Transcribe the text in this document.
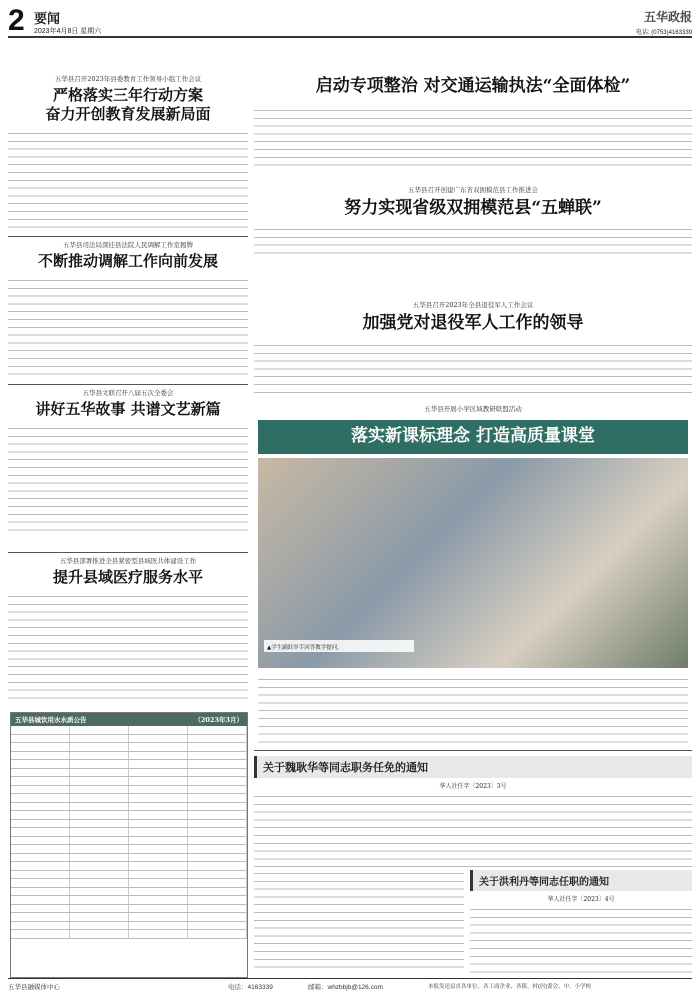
2 要闻
2023年4月8日 星期六
五华政报
电话: (0753)4163339
五华县召开2023年县委教育工作领导小组工作会议
严格落实三年行动方案
奋力开创教育发展新局面
启动专项整治 对交通运输执法“全面体检”
五华县召开创建广东省双拥模范县工作推进会
努力实现省级双拥模范县“五蝉联”
五华县司法局深挂县法院人民调解工作室揭牌
不断推动调解工作向前发展
五华县召开2023年全县退役军人工作会议
加强党对退役军人工作的领导
五华县文联召开八届五次全委会
讲好五华故事 共谱文艺新篇	五华县开展小学区域教研联盟活动
落实新课标理念 打造高质量课堂
▲学生踊跃举手回答教学提问。
五华县部署推进全县紧密型县域医共体建设工作
提升县域医疗服务水平
五华县城饮用水水质公告	（2023年3月）
关于魏耿华等同志职务任免的通知
华人社任字〔2023〕3号
关于洪利丹等同志任职的通知
华人社任字〔2023〕4号
五华县融媒体中心	电话：4163339	邮箱：whzbbjb@126.com	本报发送县直各单位、各工商企业、各镇、村(居)委会、中、小学校
